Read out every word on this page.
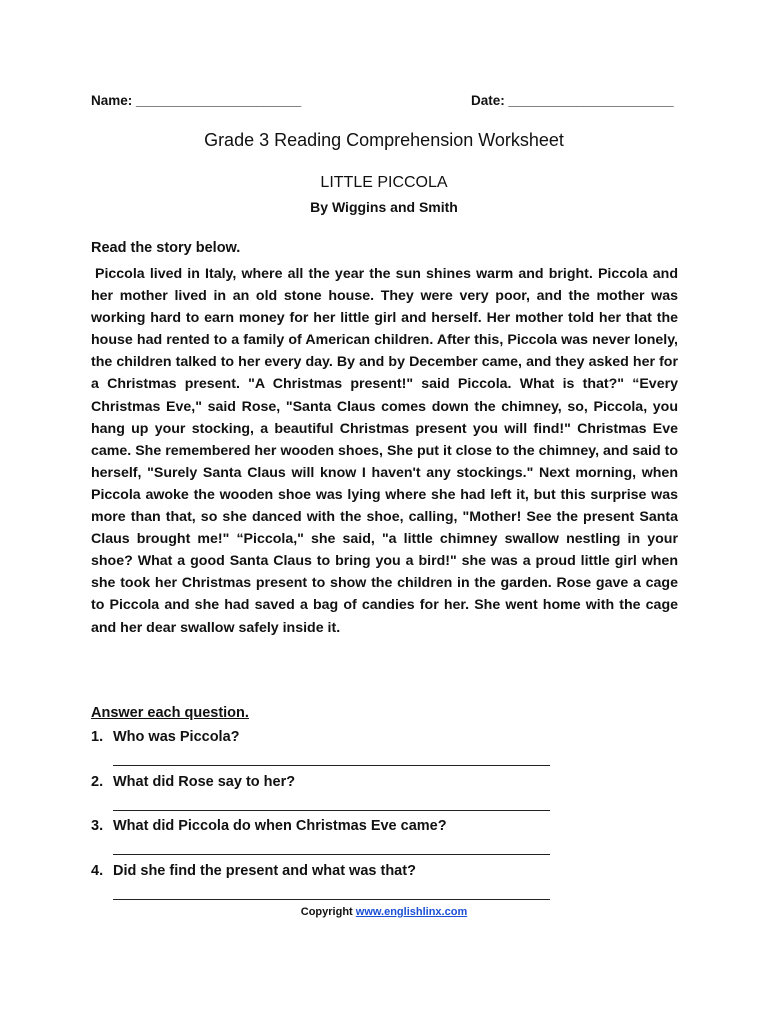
Name: ______________________	Date: ______________________
Grade 3 Reading Comprehension Worksheet
LITTLE PICCOLA
By Wiggins and Smith
Read the story below.

Piccola lived in Italy, where all the year the sun shines warm and bright. Piccola and her mother lived in an old stone house. They were very poor, and the mother was working hard to earn money for her little girl and herself. Her mother told her that the house had rented to a family of American children. After this, Piccola was never lonely, the children talked to her every day. By and by December came, and they asked her for a Christmas present. "A Christmas present!" said Piccola. What is that?" “Every Christmas Eve," said Rose, "Santa Claus comes down the chimney, so, Piccola, you hang up your stocking, a beautiful Christmas present you will find!" Christmas Eve came. She remembered her wooden shoes, She put it close to the chimney, and said to herself, "Surely Santa Claus will know I haven't any stockings." Next morning, when Piccola awoke the wooden shoe was lying where she had left it, but this surprise was more than that, so she danced with the shoe, calling, "Mother! See the present Santa Claus brought me!" “Piccola," she said, "a little chimney swallow nestling in your shoe? What a good Santa Claus to bring you a bird!" she was a proud little girl when she took her Christmas present to show the children in the garden. Rose gave a cage to Piccola and she had saved a bag of candies for her. She went home with the cage and her dear swallow safely inside it.

Answer each question.
1. Who was Piccola?
2. What did Rose say to her?
3. What did Piccola do when Christmas Eve came?
4. Did she find the present and what was that?
Copyright www.englishlinx.com
